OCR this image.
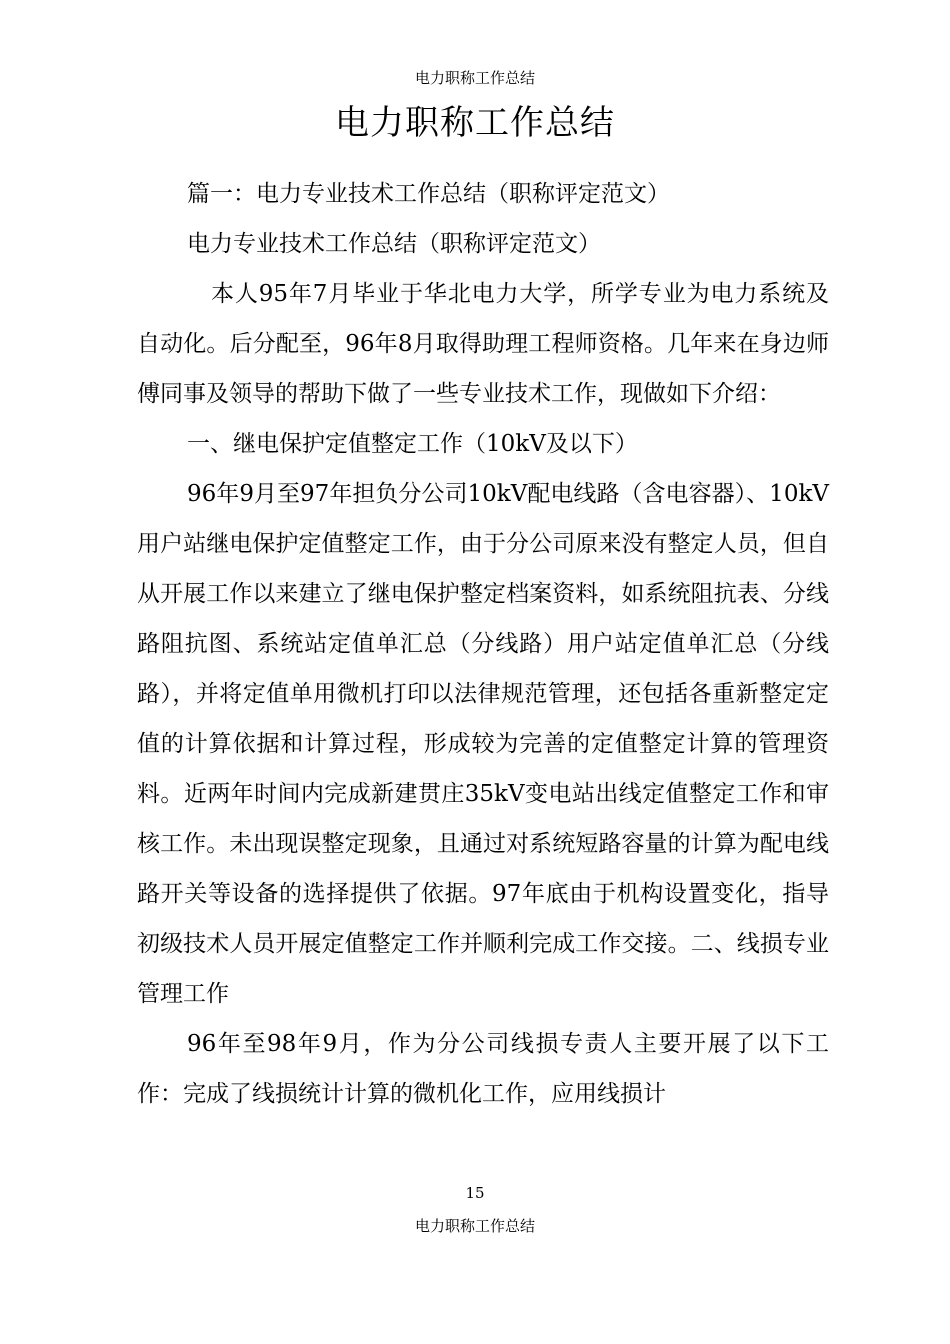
电力职称工作总结
电力职称工作总结

篇一：电力专业技术工作总结（职称评定范文）

电力专业技术工作总结（职称评定范文）

本人95年7月毕业于华北电力大学，所学专业为电力系统及自动化。后分配至，96年8月取得助理工程师资格。几年来在身边师傅同事及领导的帮助下做了一些专业技术工作，现做如下介绍：

一、继电保护定值整定工作（10kV及以下）

96年9月至97年担负分公司10kV配电线路（含电容器）、10kV用户站继电保护定值整定工作，由于分公司原来没有整定人员，但自从开展工作以来建立了继电保护整定档案资料，如系统阻抗表、分线路阻抗图、系统站定值单汇总（分线路）用户站定值单汇总（分线路），并将定值单用微机打印以法律规范管理，还包括各重新整定定值的计算依据和计算过程，形成较为完善的定值整定计算的管理资料。近两年时间内完成新建贯庄35kV变电站出线定值整定工作和审核工作。未出现误整定现象，且通过对系统短路容量的计算为配电线路开关等设备的选择提供了依据。97年底由于机构设置变化，指导初级技术人员开展定值整定工作并顺利完成工作交接。二、线损专业管理工作

96年至98年9月，作为分公司线损专责人主要开展了以下工作：完成了线损统计计算的微机化工作，应用线损计

15
电力职称工作总结
